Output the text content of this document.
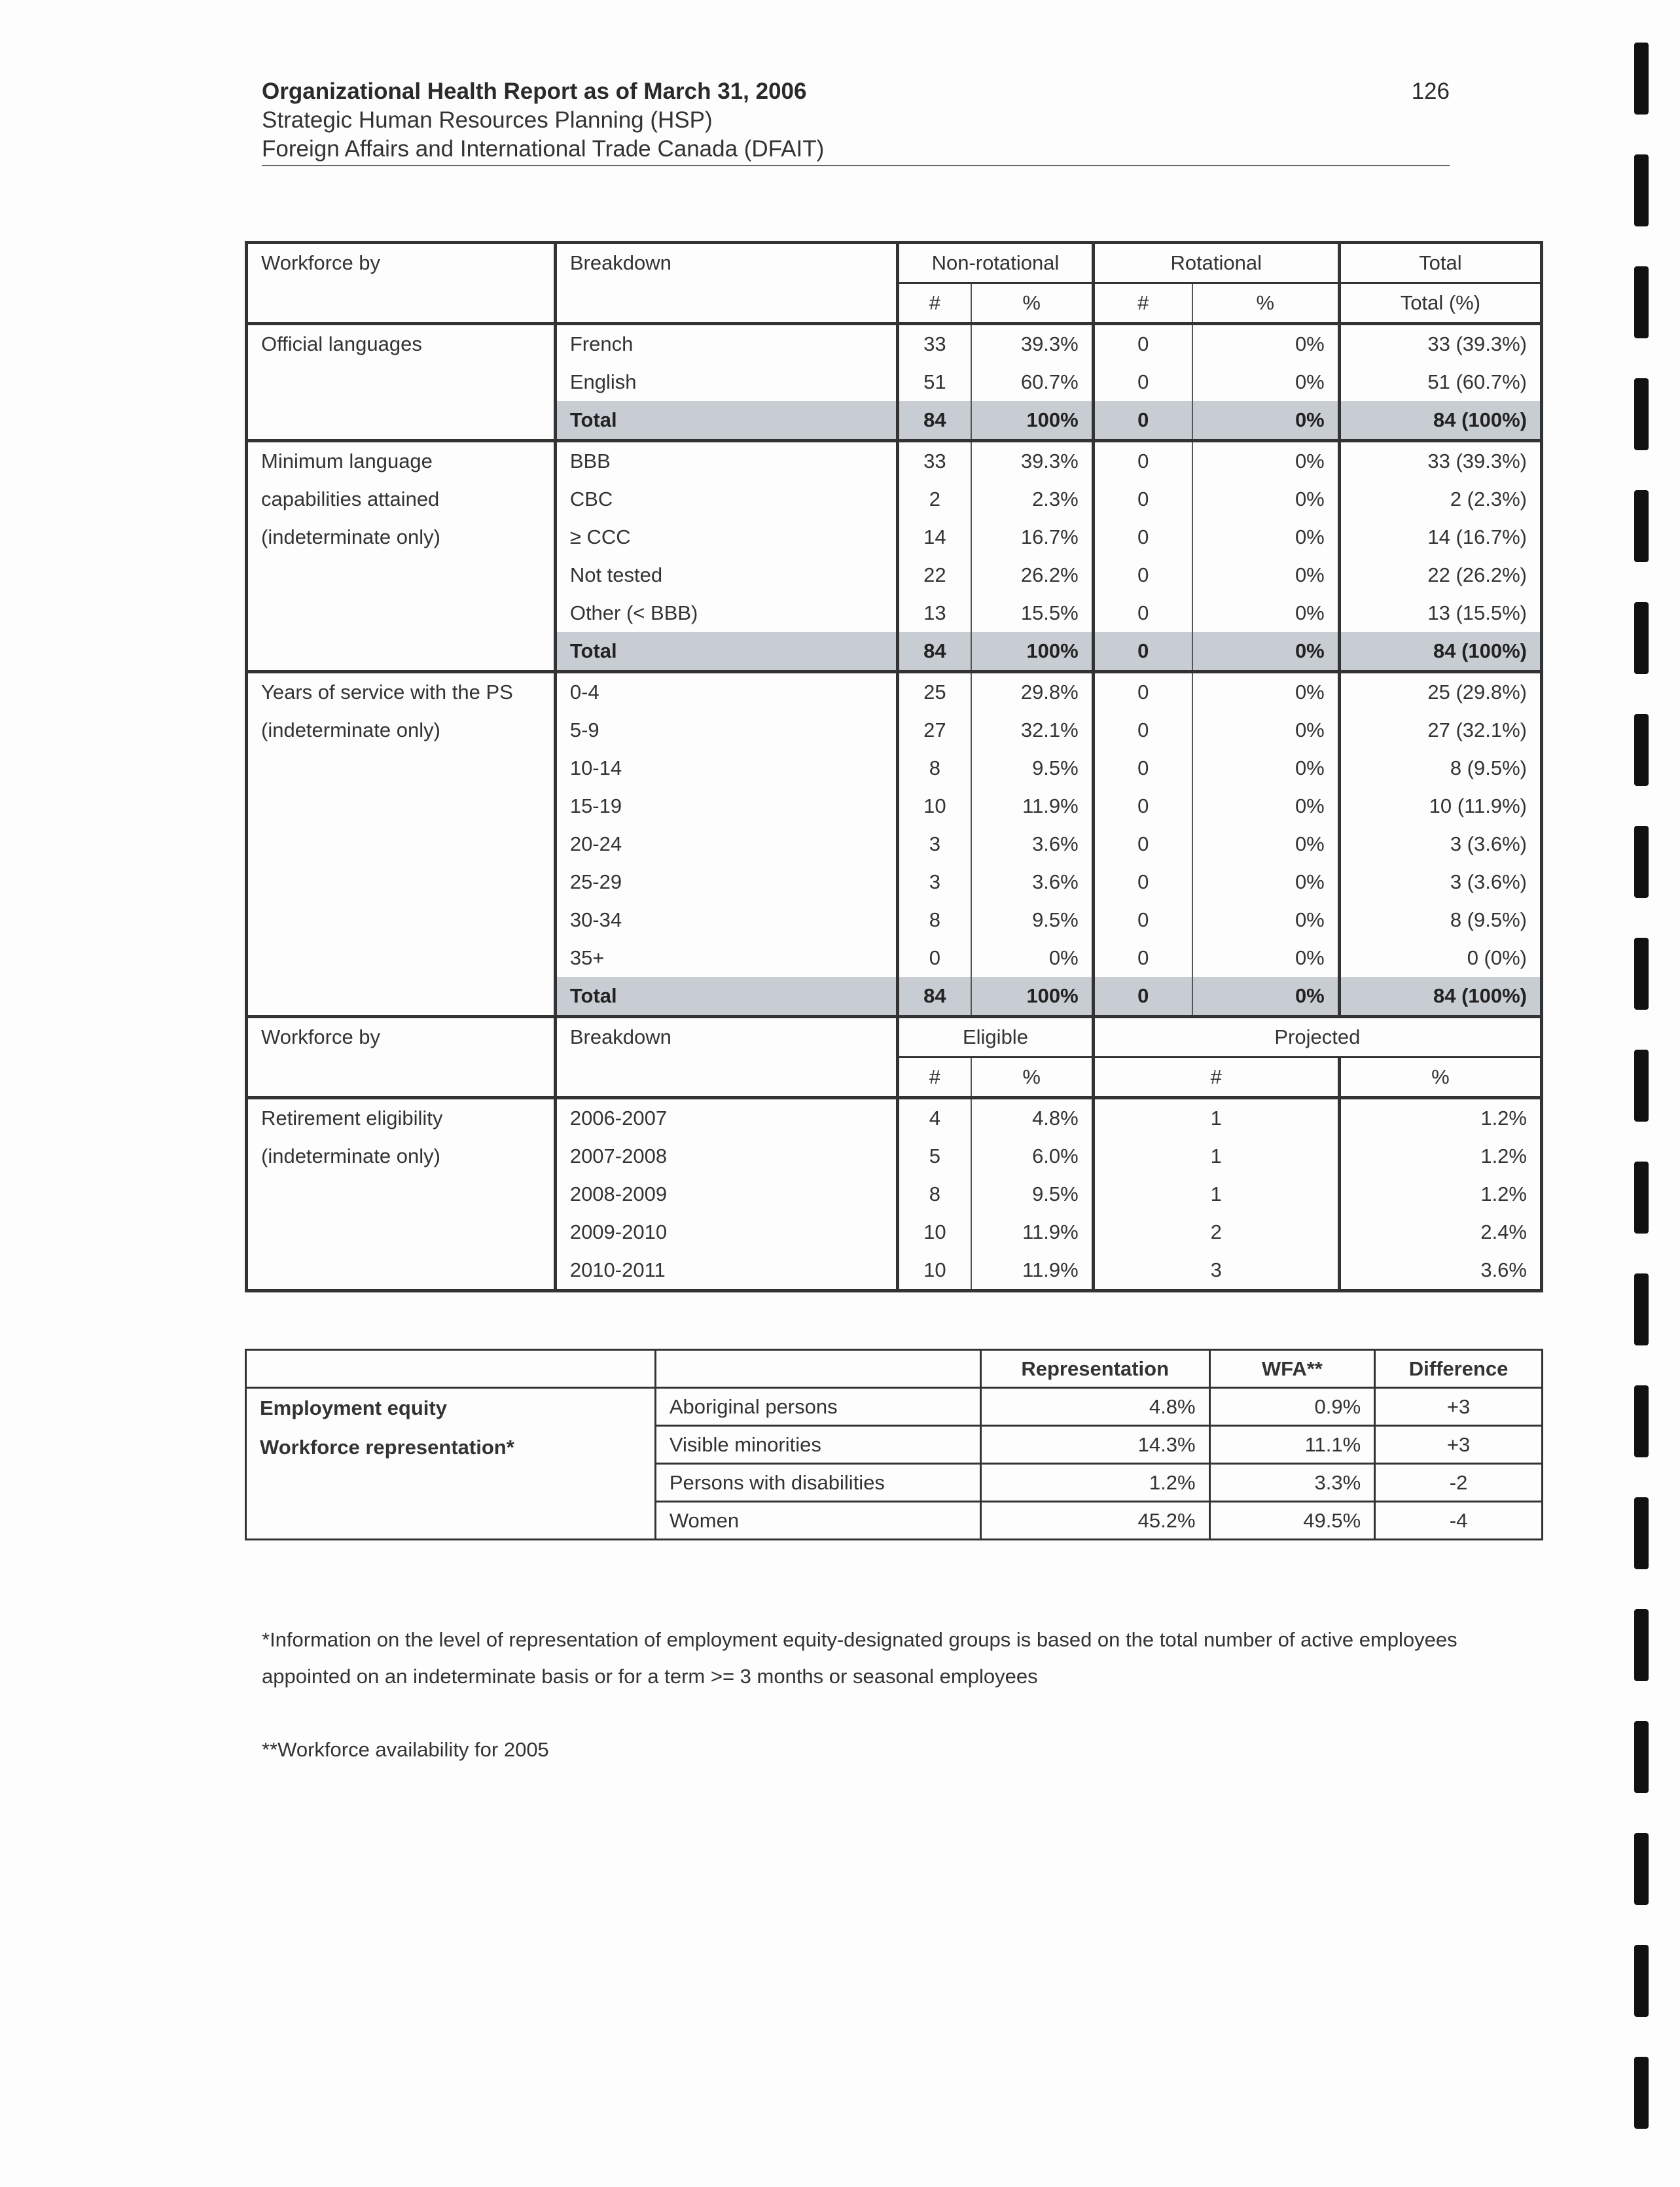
Organizational Health Report as of March 31, 2006	126
Strategic Human Resources Planning (HSP)
Foreign Affairs and International Trade Canada (DFAIT)
Workforce by	Breakdown	Non-rotational		Rotational		Total
		#	%	#	%	Total (%)

Official languages	French	33	39.3%	0	0%	33 (39.3%)
	English	51	60.7%	0	0%	51 (60.7%)
	Total	84	100%	0	0%	84 (100%)

Minimum language
capabilities attained
(indeterminate only)	BBB	33	39.3%	0	0%	33 (39.3%)
	CBC	2	2.3%	0	0%	2 (2.3%)
	≥ CCC	14	16.7%	0	0%	14 (16.7%)
	Not tested	22	26.2%	0	0%	22 (26.2%)
	Other (< BBB)	13	15.5%	0	0%	13 (15.5%)
	Total	84	100%	0	0%	84 (100%)

Years of service with the PS
(indeterminate only)	0-4	25	29.8%	0	0%	25 (29.8%)
	5-9	27	32.1%	0	0%	27 (32.1%)
	10-14	8	9.5%	0	0%	8 (9.5%)
	15-19	10	11.9%	0	0%	10 (11.9%)
	20-24	3	3.6%	0	0%	3 (3.6%)
	25-29	3	3.6%	0	0%	3 (3.6%)
	30-34	8	9.5%	0	0%	8 (9.5%)
	35+	0	0%	0	0%	0 (0%)
	Total	84	100%	0	0%	84 (100%)
Workforce by	Breakdown	Eligible		Projected		
		#	%	#		%

Retirement eligibility
(indeterminate only)	2006-2007	4	4.8%	1		1.2%
	2007-2008	5	6.0%	1		1.2%
	2008-2009	8	9.5%	1		1.2%
	2009-2010	10	11.9%	2		2.4%
	2010-2011	10	11.9%	3		3.6%
		Representation	WFA**	Difference

Employment equity
Workforce representation*	Aboriginal persons	4.8%	0.9%	+3
	Visible minorities	14.3%	11.1%	+3
	Persons with disabilities	1.2%	3.3%	-2
	Women	45.2%	49.5%	-4
*Information on the level of representation of employment equity-designated groups is based on the total number of active employees appointed on an indeterminate basis or for a term >= 3 months or seasonal employees
**Workforce availability for 2005
